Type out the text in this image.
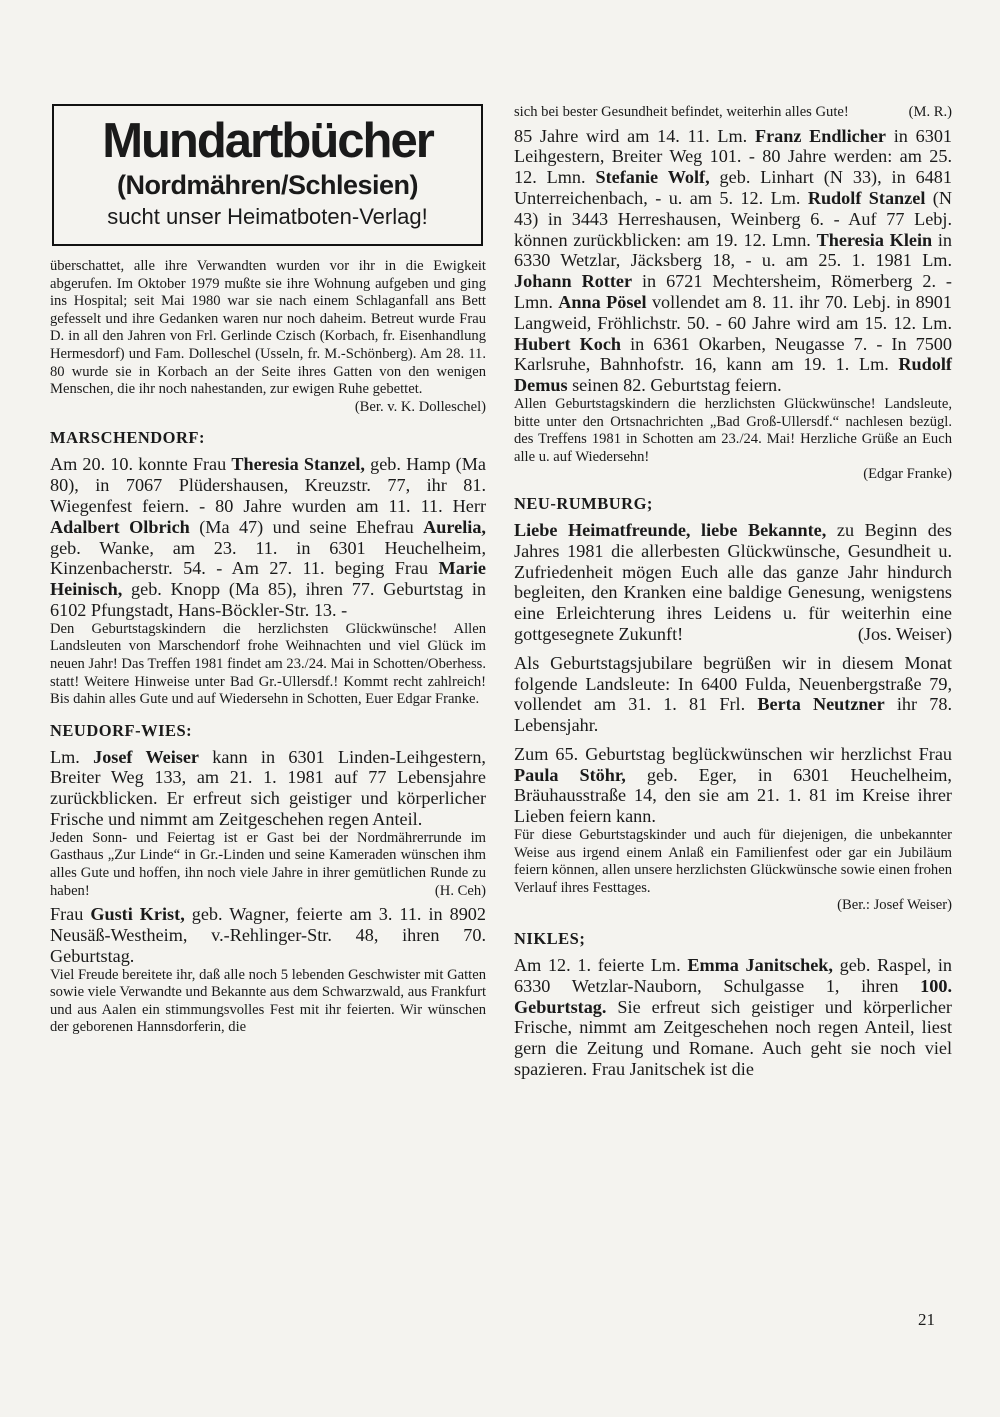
Mundartbücher
(Nordmähren/Schlesien)
sucht unser Heimatboten-Verlag!

überschattet, alle ihre Verwandten wurden vor ihr in die Ewigkeit abgerufen. Im Oktober 1979 mußte sie ihre Wohnung aufgeben und ging ins Hospital; seit Mai 1980 war sie nach einem Schlaganfall ans Bett gefesselt und ihre Gedanken waren nur noch daheim. Betreut wurde Frau D. in all den Jahren von Frl. Gerlinde Czisch (Korbach, fr. Eisenhandlung Hermesdorf) und Fam. Dolleschel (Usseln, fr. M.-Schönberg). Am 28. 11. 80 wurde sie in Korbach an der Seite ihres Gatten von den wenigen Menschen, die ihr noch nahestanden, zur ewigen Ruhe gebettet.
(Ber. v. K. Dolleschel)

MARSCHENDORF:

Am 20. 10. konnte Frau Theresia Stanzel, geb. Hamp (Ma 80), in 7067 Plüdershausen, Kreuzstr. 77, ihr 81. Wiegenfest feiern. - 80 Jahre wurden am 11. 11. Herr Adalbert Olbrich (Ma 47) und seine Ehefrau Aurelia, geb. Wanke, am 23. 11. in 6301 Heuchelheim, Kinzenbacherstr. 54. - Am 27. 11. beging Frau Marie Heinisch, geb. Knopp (Ma 85), ihren 77. Geburtstag in 6102 Pfungstadt, Hans-Böckler-Str. 13. -

Den Geburtstagskindern die herzlichsten Glückwünsche! Allen Landsleuten von Marschendorf frohe Weihnachten und viel Glück im neuen Jahr! Das Treffen 1981 findet am 23./24. Mai in Schotten/Oberhess. statt! Weitere Hinweise unter Bad Gr.-Ullersdf.! Kommt recht zahlreich! Bis dahin alles Gute und auf Wiedersehn in Schotten, Euer Edgar Franke.

NEUDORF-WIES:

Lm. Josef Weiser kann in 6301 Linden-Leihgestern, Breiter Weg 133, am 21. 1. 1981 auf 77 Lebensjahre zurückblicken. Er erfreut sich geistiger und körperlicher Frische und nimmt am Zeitgeschehen regen Anteil.

Jeden Sonn- und Feiertag ist er Gast bei der Nordmährerrunde im Gasthaus „Zur Linde“ in Gr.-Linden und seine Kameraden wünschen ihm alles Gute und hoffen, ihn noch viele Jahre in ihrer gemütlichen Runde zu haben!	(H. Ceh)

Frau Gusti Krist, geb. Wagner, feierte am 3. 11. in 8902 Neusäß-Westheim, v.-Rehlinger-Str. 48, ihren 70. Geburtstag.

Viel Freude bereitete ihr, daß alle noch 5 lebenden Geschwister mit Gatten sowie viele Verwandte und Bekannte aus dem Schwarzwald, aus Frankfurt und aus Aalen ein stimmungsvolles Fest mit ihr feierten. Wir wünschen der geborenen Hannsdorferin, die

sich bei bester Gesundheit befindet, weiterhin alles Gute!	(M. R.)

85 Jahre wird am 14. 11. Lm. Franz Endlicher in 6301 Leihgestern, Breiter Weg 101. - 80 Jahre werden: am 25. 12. Lmn. Stefanie Wolf, geb. Linhart (N 33), in 6481 Unterreichenbach, - u. am 5. 12. Lm. Rudolf Stanzel (N 43) in 3443 Herreshausen, Weinberg 6. - Auf 77 Lebj. können zurückblicken: am 19. 12. Lmn. Theresia Klein in 6330 Wetzlar, Jäcksberg 18, - u. am 25. 1. 1981 Lm. Johann Rotter in 6721 Mechtersheim, Römerberg 2. - Lmn. Anna Pösel vollendet am 8. 11. ihr 70. Lebj. in 8901 Langweid, Fröhlichstr. 50. - 60 Jahre wird am 15. 12. Lm. Hubert Koch in 6361 Okarben, Neugasse 7. - In 7500 Karlsruhe, Bahnhofstr. 16, kann am 19. 1. Lm. Rudolf Demus seinen 82. Geburtstag feiern.

Allen Geburtstagskindern die herzlichsten Glückwünsche! Landsleute, bitte unter den Ortsnachrichten „Bad Groß-Ullersdf.“ nachlesen bezügl. des Treffens 1981 in Schotten am 23./24. Mai! Herzliche Grüße an Euch alle u. auf Wiedersehn!

(Edgar Franke)
NEU-RUMBURG;

Liebe Heimatfreunde, liebe Bekannte, zu Beginn des Jahres 1981 die allerbesten Glückwünsche, Gesundheit u. Zufriedenheit mögen Euch alle das ganze Jahr hindurch begleiten, den Kranken eine baldige Genesung, wenigstens eine Erleichterung ihres Leidens u. für weiterhin eine gottgesegnete Zukunft!	(Jos. Weiser)

Als Geburtstagsjubilare begrüßen wir in diesem Monat folgende Landsleute: In 6400 Fulda, Neuenbergstraße 79, vollendet am 31. 1. 81 Frl. Berta Neutzner ihr 78. Lebensjahr.

Zum 65. Geburtstag beglückwünschen wir herzlichst Frau Paula Stöhr, geb. Eger, in 6301 Heuchelheim, Bräuhausstraße 14, den sie am 21. 1. 81 im Kreise ihrer Lieben feiern kann.

Für diese Geburtstagskinder und auch für diejenigen, die unbekannter Weise aus irgend einem Anlaß ein Familienfest oder gar ein Jubiläum feiern können, allen unsere herzlichsten Glückwünsche sowie einen frohen Verlauf ihres Festtages.

(Ber.: Josef Weiser)
NIKLES;

Am 12. 1. feierte Lm. Emma Janitschek, geb. Raspel, in 6330 Wetzlar-Nauborn, Schulgasse 1, ihren 100. Geburtstag. Sie erfreut sich geistiger und körperlicher Frische, nimmt am Zeitgeschehen noch regen Anteil, liest gern die Zeitung und Romane. Auch geht sie noch viel spazieren. Frau Janitschek ist die

21
